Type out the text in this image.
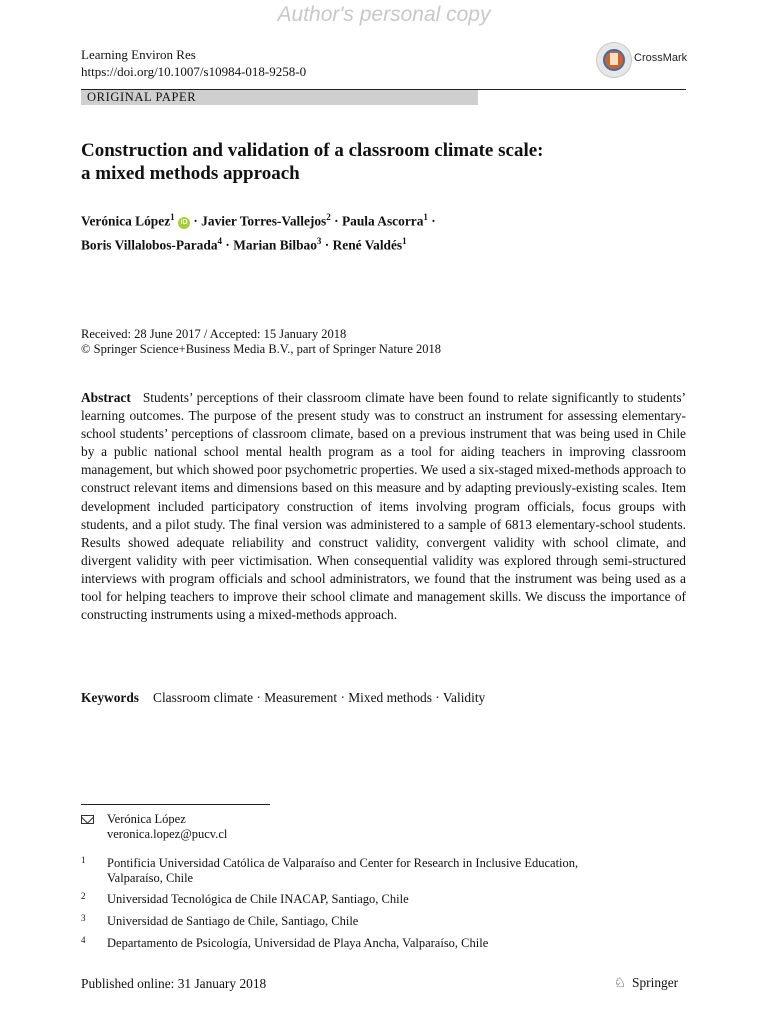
Author's personal copy
Learning Environ Res
https://doi.org/10.1007/s10984-018-9258-0
CrossMark
ORIGINAL PAPER
Construction and validation of a classroom climate scale:
a mixed methods approach
Verónica López$^1$ iD · Javier Torres-Vallejos$^2$ · Paula Ascorra$^1$ ·
Boris Villalobos-Parada$^4$ · Marian Bilbao$^3$ · René Valdés$^1$
Received: 28 June 2017 / Accepted: 15 January 2018
© Springer Science+Business Media B.V., part of Springer Nature 2018
Abstract Students’ perceptions of their classroom climate have been found to relate significantly to students’ learning outcomes. The purpose of the present study was to construct an instrument for assessing elementary-school students’ perceptions of classroom climate, based on a previous instrument that was being used in Chile by a public national school mental health program as a tool for aiding teachers in improving classroom management, but which showed poor psychometric properties. We used a six-staged mixed-methods approach to construct relevant items and dimensions based on this measure and by adapting previously-existing scales. Item development included participatory construction of items involving program officials, focus groups with students, and a pilot study. The final version was administered to a sample of 6813 elementary-school students. Results showed adequate reliability and construct validity, convergent validity with school climate, and divergent validity with peer victimisation. When consequential validity was explored through semi-structured interviews with program officials and school administrators, we found that the instrument was being used as a tool for helping teachers to improve their school climate and management skills. We discuss the importance of constructing instruments using a mixed-methods approach.
Keywords Classroom climate · Measurement · Mixed methods · Validity
Verónica López
veronica.lopez@pucv.cl
1 Pontificia Universidad Católica de Valparaíso and Center for Research in Inclusive Education,
Valparaíso, Chile
2 Universidad Tecnológica de Chile INACAP, Santiago, Chile
3 Universidad de Santiago de Chile, Santiago, Chile
4 Departamento de Psicología, Universidad de Playa Ancha, Valparaíso, Chile
Published online: 31 January 2018	♘ Springer
